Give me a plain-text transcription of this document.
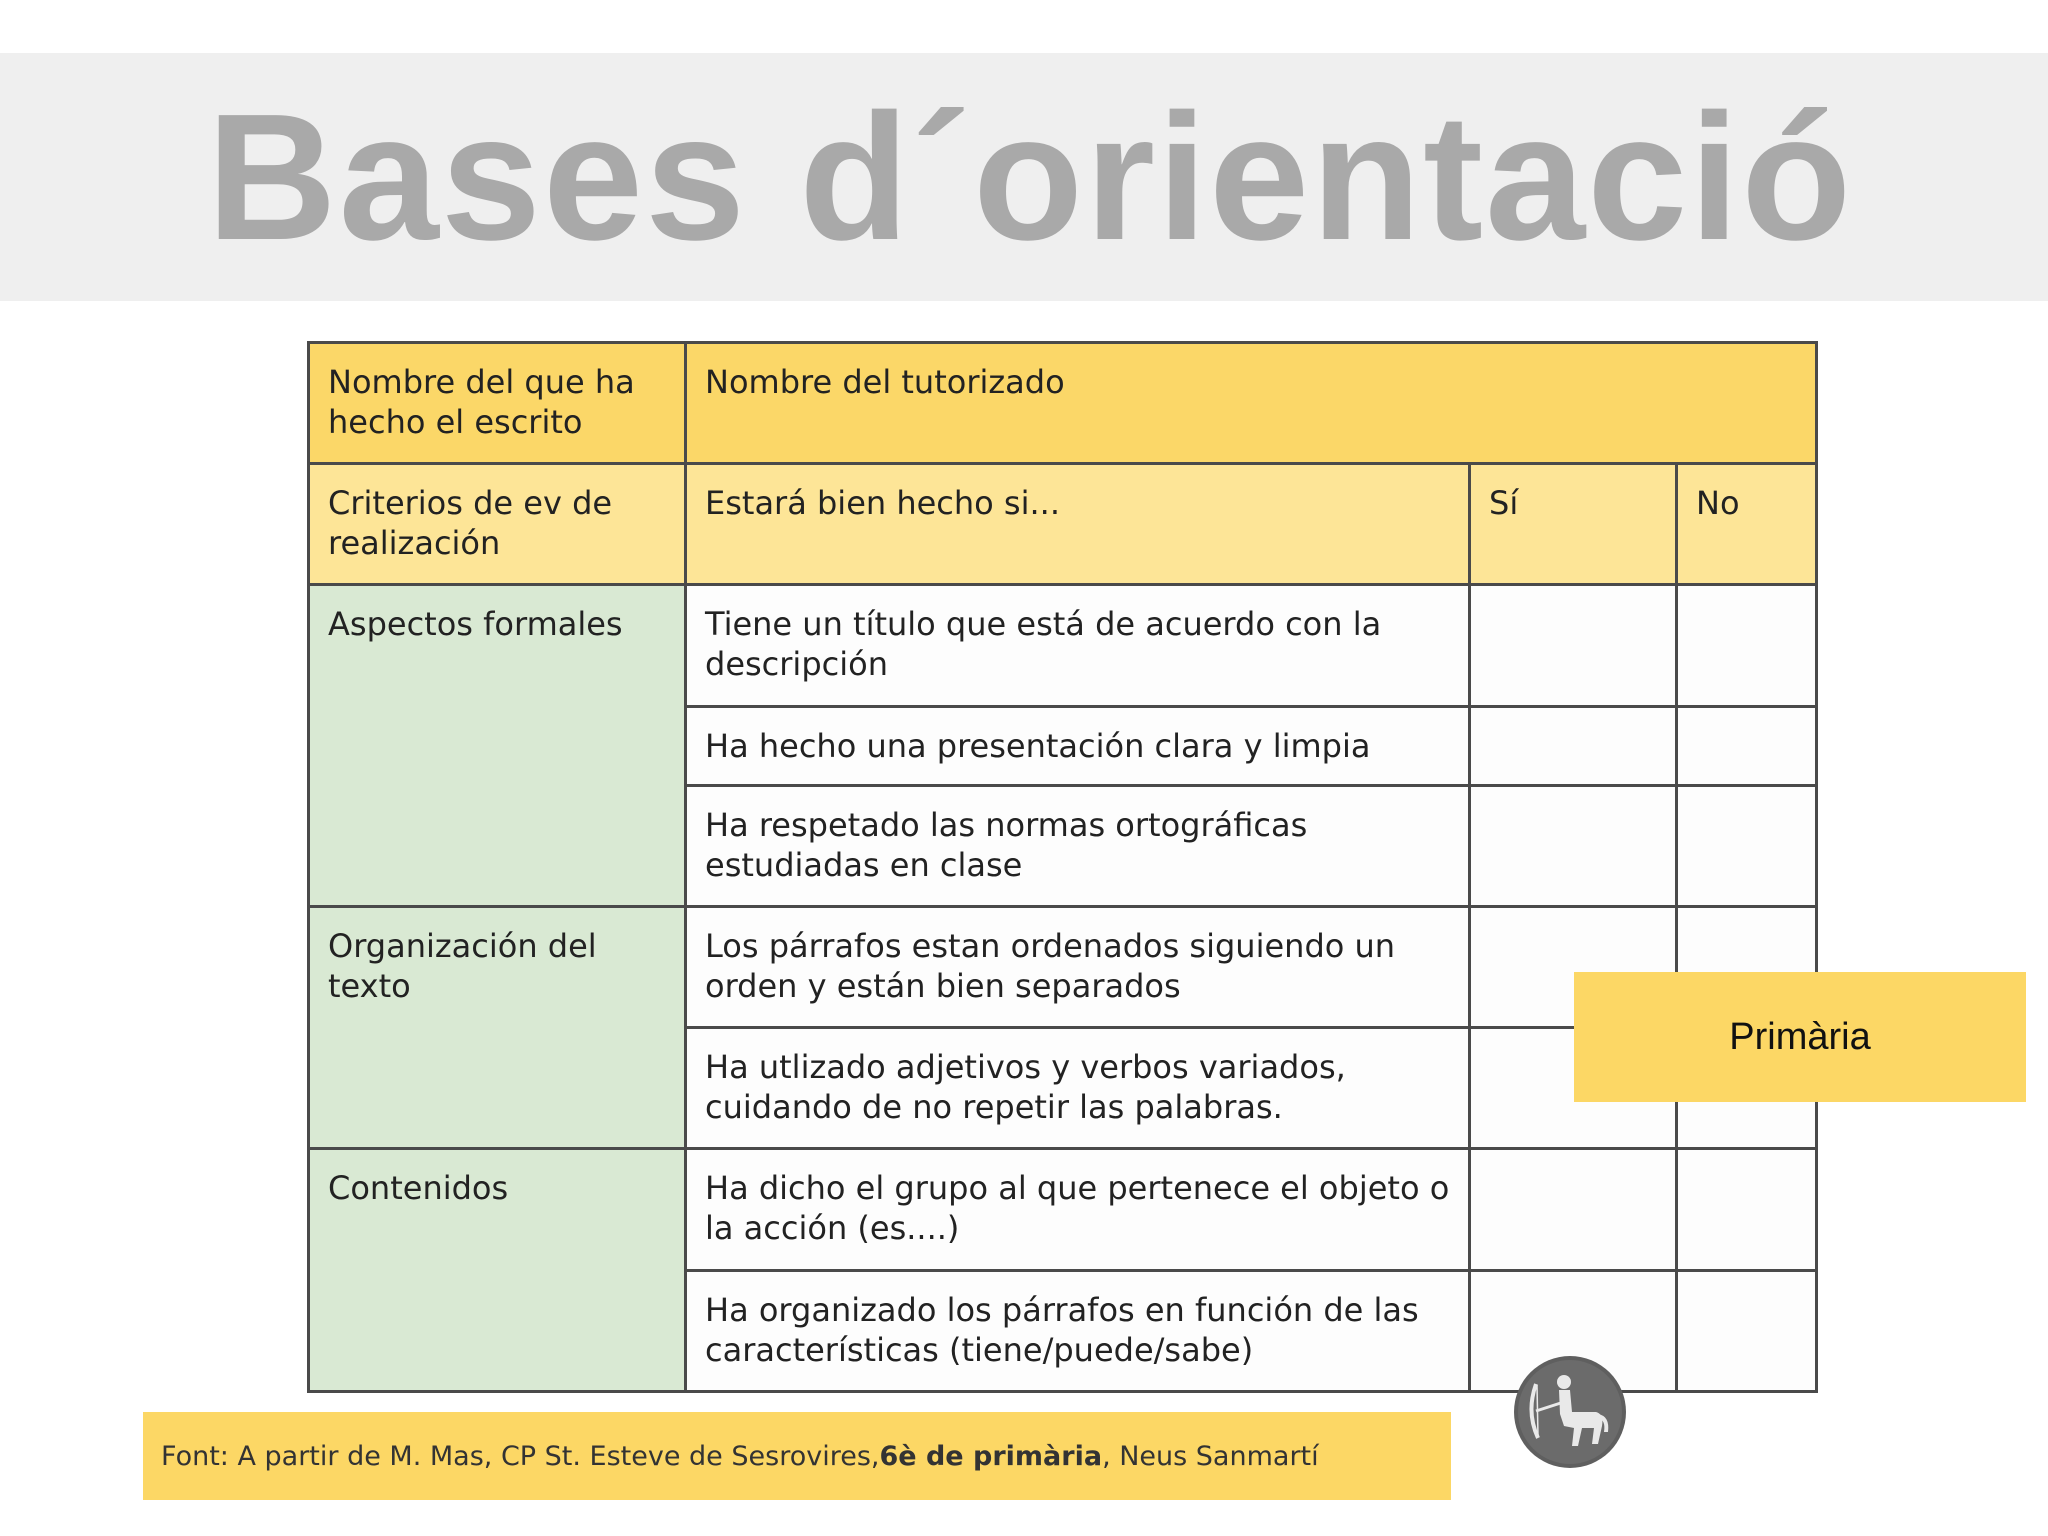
Bases d´orientació
Nombre del que ha hecho el escrito	Nombre del tutorizado		
Criterios de ev de realización	Estará bien hecho si...	Sí	No
Aspectos formales	Tiene un título que está de acuerdo con la descripción		
	Ha hecho una presentación clara y limpia		
	Ha respetado las normas ortográficas estudiadas en clase		
Organización del texto	Los párrafos estan ordenados siguiendo un orden y están bien separados		
	Ha utlizado adjetivos y verbos variados, cuidando de no repetir las palabras.		
Contenidos	Ha dicho el grupo al que pertenece el objeto o la acción (es....)		
	Ha organizado los párrafos en función de las características (tiene/puede/sabe)		
Primària
Font: A partir de M. Mas, CP St. Esteve de Sesrovires, 6è de primària , Neus Sanmartí
